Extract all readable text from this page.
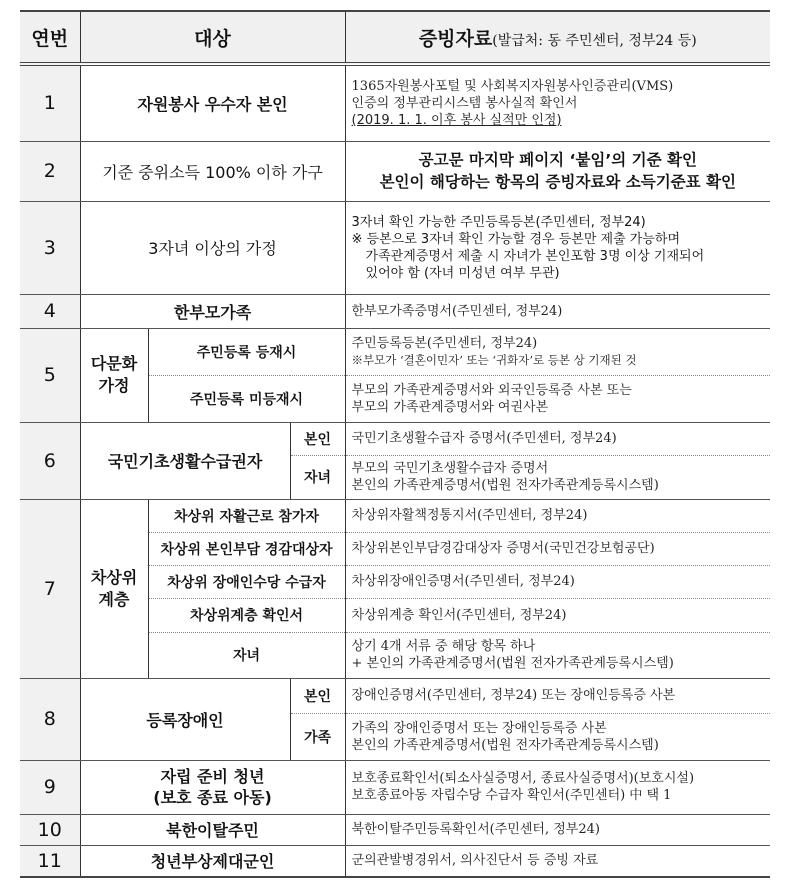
연번	대상			증빙자료(발급처: 동 주민센터, 정부24 등)
1	자원봉사 우수자 본인			1365자원봉사포털 및 사회복지자원봉사인증관리(VMS)
인증의 정부관리시스템 봉사실적 확인서
(2019. 1. 1. 이후 봉사 실적만 인정)

2	기준 중위소득 100% 이하 가구			공고문 마지막 페이지 ‘붙임’의 기준 확인
본인이 해당하는 항목의 증빙자료와 소득기준표 확인

3	3자녀 이상의 가정			3자녀 확인 가능한 주민등록등본(주민센터, 정부24)
※ 등본으로 3자녀 확인 가능할 경우 등본만 제출 가능하며
가족관계증명서 제출 시 자녀가 본인포함 3명 이상 기재되어
있어야 함 (자녀 미성년 여부 무관)

4	한부모가족			한부모가족증명서(주민센터, 정부24)

5	다문화
가정	주민등록 등재시		주민등록등본(주민센터, 정부24)
※부모가 ‘결혼이민자’ 또는 ‘귀화자’로 등본 상 기재된 것

		주민등록 미등재시		부모의 가족관계증명서와 외국인등록증 사본 또는
부모의 가족관계증명서와 여권사본

6	국민기초생활수급권자		본인	국민기초생활수급자 증명서(주민센터, 정부24)

			자녀	부모의 국민기초생활수급자 증명서
본인의 가족관계증명서(법원 전자가족관계등록시스템)

7	차상위
계층	차상위 자활근로 참가자		차상위자활책정통지서(주민센터, 정부24)

		차상위 본인부담 경감대상자		차상위본인부담경감대상자 증명서(국민건강보험공단)

		차상위 장애인수당 수급자		차상위장애인증명서(주민센터, 정부24)

		차상위계층 확인서		차상위계층 확인서(주민센터, 정부24)

		자녀		상기 4개 서류 중 해당 항목 하나
+ 본인의 가족관계증명서(법원 전자가족관계등록시스템)

8	등록장애인		본인	장애인증명서(주민센터, 정부24) 또는 장애인등록증 사본

			가족	가족의 장애인증명서 또는 장애인등록증 사본
본인의 가족관계증명서(법원 전자가족관계등록시스템)

9	자립 준비 청년
(보호 종료 아동)			보호종료확인서(퇴소사실증명서, 종료사실증명서)(보호시설)
보호종료아동 자립수당 수급자 확인서(주민센터) 中 택 1

10	북한이탈주민			북한이탈주민등록확인서(주민센터, 정부24)

11	청년부상제대군인			군의관발병경위서, 의사진단서 등 증빙 자료
